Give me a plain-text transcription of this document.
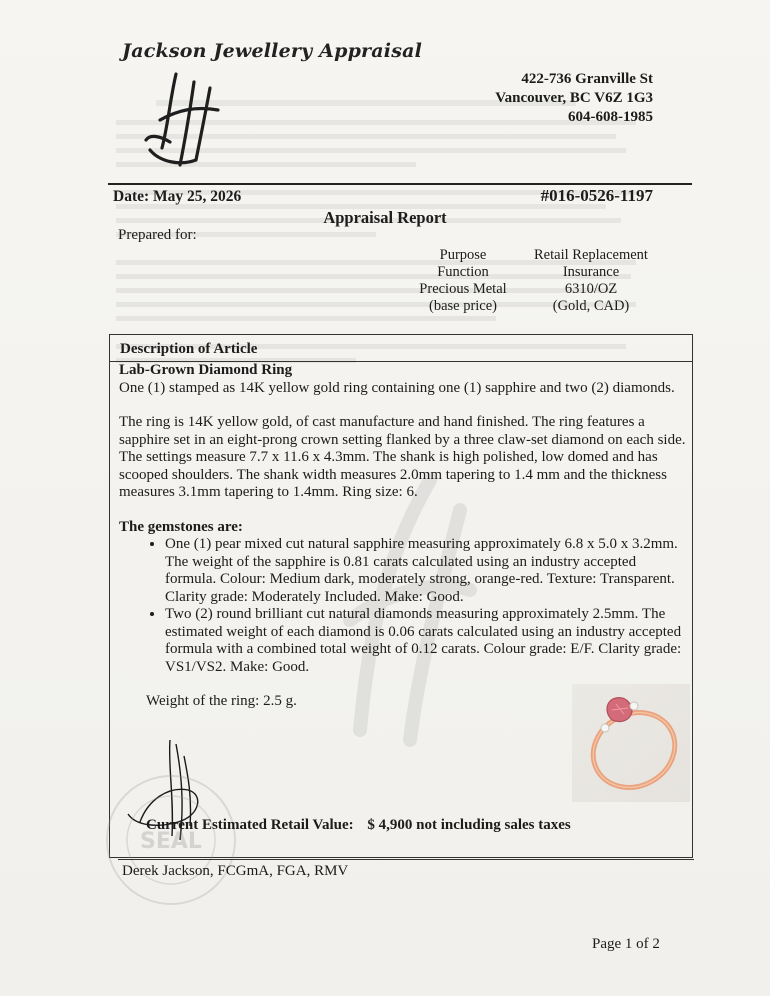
Jackson Jewellery Appraisal
422-736 Granville St
Vancouver, BC V6Z 1G3
604-608-1985
Date: May 25, 2026	#016-0526-1197
Appraisal Report
Prepared for:
Purpose
Function
Precious Metal
(base price)
Retail Replacement
Insurance
6310/OZ
(Gold, CAD)
Description of Article

Lab-Grown Diamond Ring

One (1) stamped as 14K yellow gold ring containing one (1) sapphire and two (2) diamonds.

The ring is 14K yellow gold, of cast manufacture and hand finished. The ring features a sapphire set in an eight-prong crown setting flanked by a three claw-set diamond on each side. The settings measure 7.7 x 11.6 x 4.3mm. The shank is high polished, low domed and has scooped shoulders. The shank width measures 2.0mm tapering to 1.4 mm and the thickness measures 3.1mm tapering to 1.4mm. Ring size: 6.

The gemstones are:

• One (1) pear mixed cut natural sapphire measuring approximately 6.8 x 5.0 x 3.2mm. The weight of the sapphire is 0.81 carats calculated using an industry accepted formula. Colour: Medium dark, moderately strong, orange-red. Texture: Transparent. Clarity grade: Moderately Included. Make: Good.
• Two (2) round brilliant cut natural diamonds measuring approximately 2.5mm. The estimated weight of each diamond is 0.06 carats calculated using an industry accepted formula with a combined total weight of 0.12 carats. Colour grade: E/F. Clarity grade: VS1/VS2. Make: Good.

Weight of the ring: 2.5 g.

SEAL
Current Estimated Retail Value: $ 4,900 not including sales taxes
Derek Jackson, FCGmA, FGA, RMV
Page 1 of 2
